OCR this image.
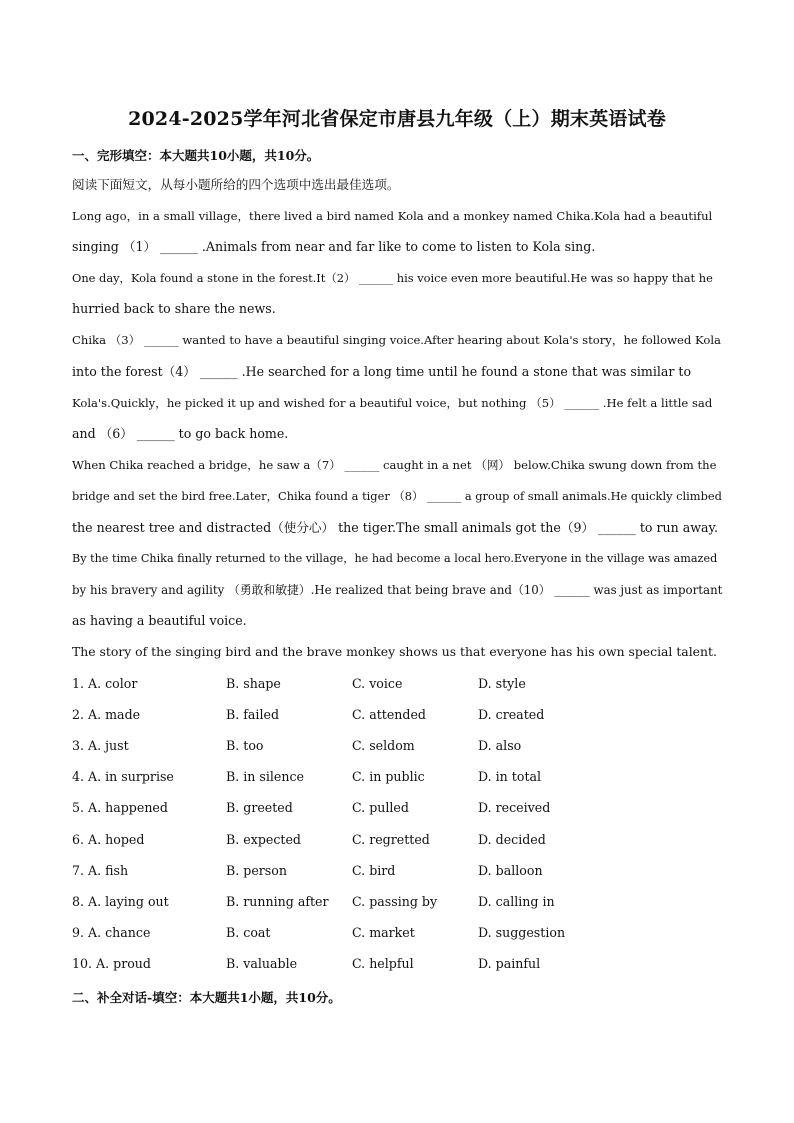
2024-2025学年河北省保定市唐县九年级（上）期末英语试卷
一、完形填空：本大题共10小题，共10分。
阅读下面短文，从每小题所给的四个选项中选出最佳选项。
Long ago，in a small village，there lived a bird named Kola and a monkey named Chika.Kola had a beautiful
singing （1） ______ .Animals from near and far like to come to listen to Kola sing.
One day，Kola found a stone in the forest.It（2） ______ his voice even more beautiful.He was so happy that he
hurried back to share the news.
Chika （3） ______ wanted to have a beautiful singing voice.After hearing about Kola's story，he followed Kola
into the forest（4） ______ .He searched for a long time until he found a stone that was similar to
Kola's.Quickly，he picked it up and wished for a beautiful voice，but nothing （5） ______ .He felt a little sad
and （6） ______ to go back home.
When Chika reached a bridge，he saw a（7） ______ caught in a net （网） below.Chika swung down from the
bridge and set the bird free.Later，Chika found a tiger （8） ______ a group of small animals.He quickly climbed
the nearest tree and distracted（使分心） the tiger.The small animals got the（9） ______ to run away.
By the time Chika finally returned to the village，he had become a local hero.Everyone in the village was amazed
by his bravery and agility （勇敢和敏捷）.He realized that being brave and（10） ______ was just as important
as having a beautiful voice.
The story of the singing bird and the brave monkey shows us that everyone has his own special talent.
1. A. color	B. shape	C. voice	D. style
2. A. made	B. failed	C. attended	D. created
3. A. just	B. too	C. seldom	D. also
4. A. in surprise	B. in silence	C. in public	D. in total
5. A. happened	B. greeted	C. pulled	D. received
6. A. hoped	B. expected	C. regretted	D. decided
7. A. fish	B. person	C. bird	D. balloon
8. A. laying out	B. running after C. passing by	D. calling in
9. A. chance	B. coat	C. market	D. suggestion
10. A. proud	B. valuable	C. helpful	D. painful
二、补全对话-填空：本大题共1小题，共10分。
